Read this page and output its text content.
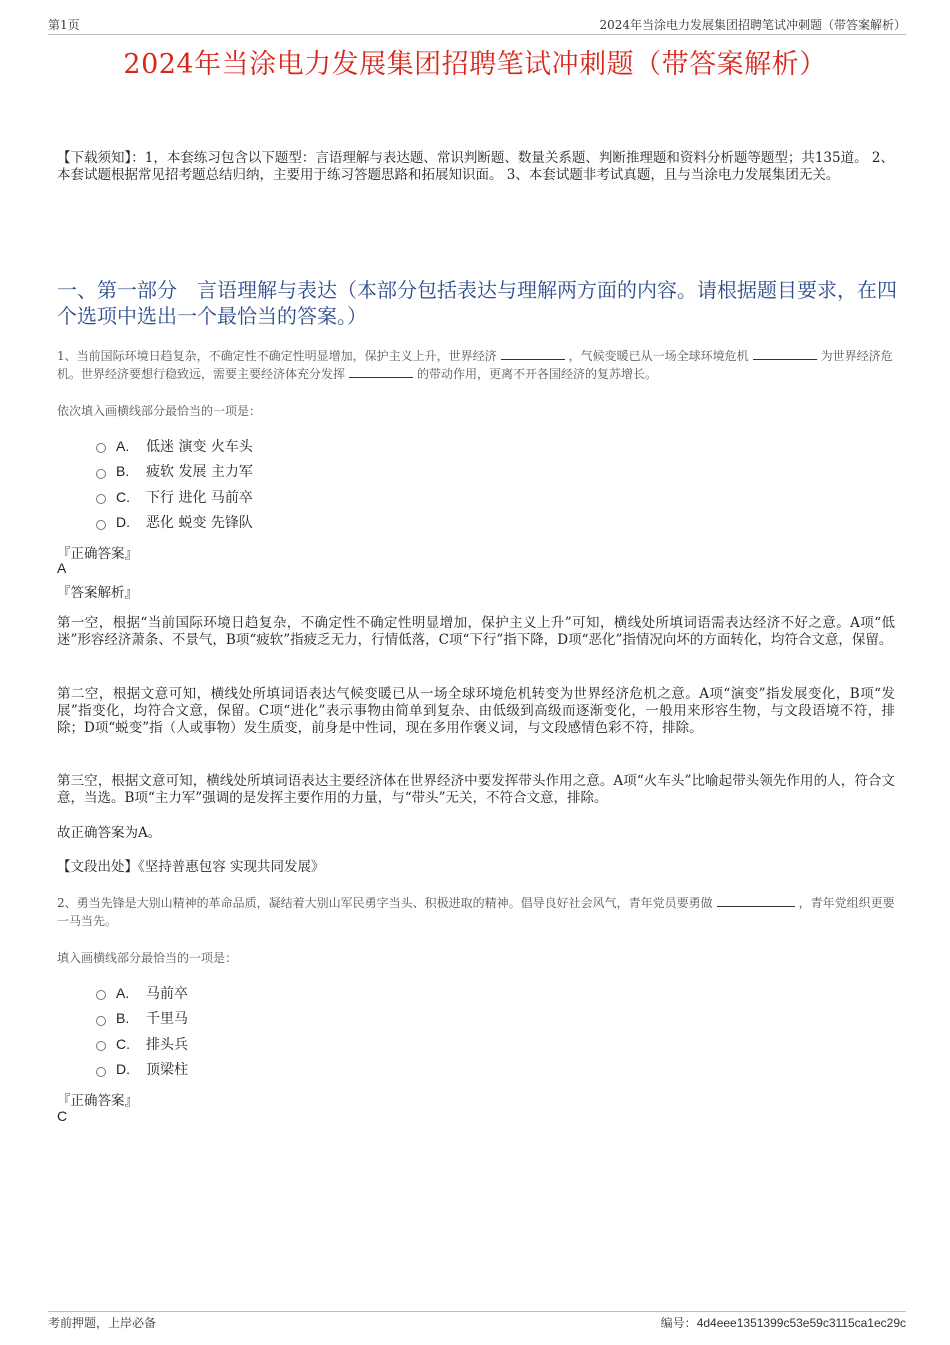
第1页	2024年当涂电力发展集团招聘笔试冲刺题（带答案解析）
2024年当涂电力发展集团招聘笔试冲刺题（带答案解析）
【下载须知】：1，本套练习包含以下题型：言语理解与表达题、常识判断题、数量关系题、判断推理题和资料分析题等题型；共135道。 2、本套试题根据常见招考题总结归纳，主要用于练习答题思路和拓展知识面。 3、本套试题非考试真题，且与当涂电力发展集团无关。
一、第一部分　言语理解与表达（本部分包括表达与理解两方面的内容。请根据题目要求，在四个选项中选出一个最恰当的答案。）
1、当前国际环境日趋复杂，不确定性不确定性明显增加，保护主义上升，世界经济	，气候变暖已从一场全球环境危机	为世界经济危机。世界经济要想行稳致远，需要主要经济体充分发挥	的带动作用，更离不开各国经济的复苏增长。
依次填入画横线部分最恰当的一项是：
A.	低迷 演变 火车头
B.	疲软 发展 主力军
C.	下行 进化 马前卒
D.	恶化 蜕变 先锋队
『正确答案』
A
『答案解析』
第一空，根据“当前国际环境日趋复杂，不确定性不确定性明显增加，保护主义上升”可知，横线处所填词语需表达经济不好之意。A项“低迷”形容经济萧条、不景气，B项“疲软”指疲乏无力，行情低落，C项“下行”指下降，D项“恶化”指情况向坏的方面转化，均符合文意，保留。
第二空，根据文意可知，横线处所填词语表达气候变暖已从一场全球环境危机转变为世界经济危机之意。A项“演变”指发展变化，B项“发展”指变化，均符合文意，保留。C项“进化”表示事物由简单到复杂、由低级到高级而逐渐变化，一般用来形容生物，与文段语境不符，排除；D项“蜕变”指（人或事物）发生质变，前身是中性词，现在多用作褒义词，与文段感情色彩不符，排除。
第三空，根据文意可知，横线处所填词语表达主要经济体在世界经济中要发挥带头作用之意。A项“火车头”比喻起带头领先作用的人，符合文意，当选。B项“主力军”强调的是发挥主要作用的力量，与“带头”无关，不符合文意，排除。
故正确答案为A。
【文段出处】《坚持普惠包容 实现共同发展》
2、勇当先锋是大别山精神的革命品质，凝结着大别山军民勇字当头、积极进取的精神。倡导良好社会风气，青年党员要勇做	，青年党组织更要一马当先。
填入画横线部分最恰当的一项是：
A.	马前卒
B.	千里马
C.	排头兵
D.	顶梁柱
『正确答案』
C
考前押题，上岸必备	编号：4d4eee1351399c53e59c3115ca1ec29c
